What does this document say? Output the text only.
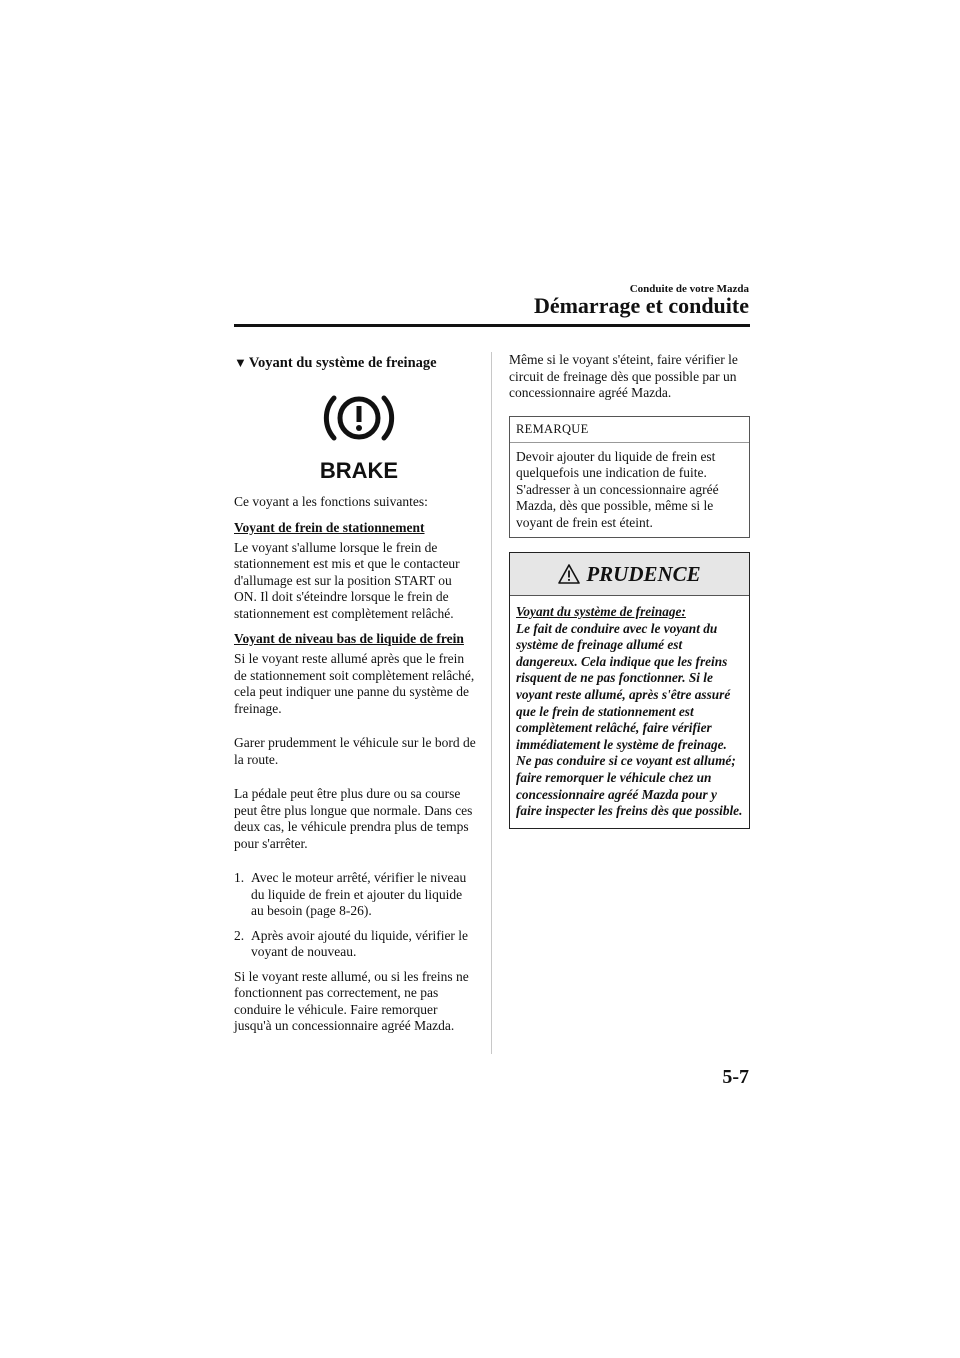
Conduite de votre Mazda
Démarrage et conduite
▼ Voyant du système de freinage
BRAKE

Ce voyant a les fonctions suivantes:

Voyant de frein de stationnement

Le voyant s'allume lorsque le frein de stationnement est mis et que le contacteur d'allumage est sur la position START ou ON. Il doit s'éteindre lorsque le frein de stationnement est complètement relâché.

Voyant de niveau bas de liquide de frein

Si le voyant reste allumé après que le frein de stationnement soit complètement relâché, cela peut indiquer une panne du système de freinage.

Garer prudemment le véhicule sur le bord de la route.

La pédale peut être plus dure ou sa course peut être plus longue que normale. Dans ces deux cas, le véhicule prendra plus de temps pour s'arrêter.

1. Avec le moteur arrêté, vérifier le niveau du liquide de frein et ajouter du liquide au besoin (page 8-26).
2. Après avoir ajouté du liquide, vérifier le voyant de nouveau.

Si le voyant reste allumé, ou si les freins ne fonctionnent pas correctement, ne pas conduire le véhicule. Faire remorquer jusqu'à un concessionnaire agréé Mazda.

Même si le voyant s'éteint, faire vérifier le circuit de freinage dès que possible par un concessionnaire agréé Mazda.

REMARQUE
Devoir ajouter du liquide de frein est quelquefois une indication de fuite. S'adresser à un concessionnaire agréé Mazda, dès que possible, même si le voyant de frein est éteint.
PRUDENCE
Voyant du système de freinage:
Le fait de conduire avec le voyant du système de freinage allumé est dangereux. Cela indique que les freins risquent de ne pas fonctionner. Si le voyant reste allumé, après s'être assuré que le frein de stationnement est complètement relâché, faire vérifier immédiatement le système de freinage. Ne pas conduire si ce voyant est allumé; faire remorquer le véhicule chez un concessionnaire agréé Mazda pour y faire inspecter les freins dès que possible.
5-7
